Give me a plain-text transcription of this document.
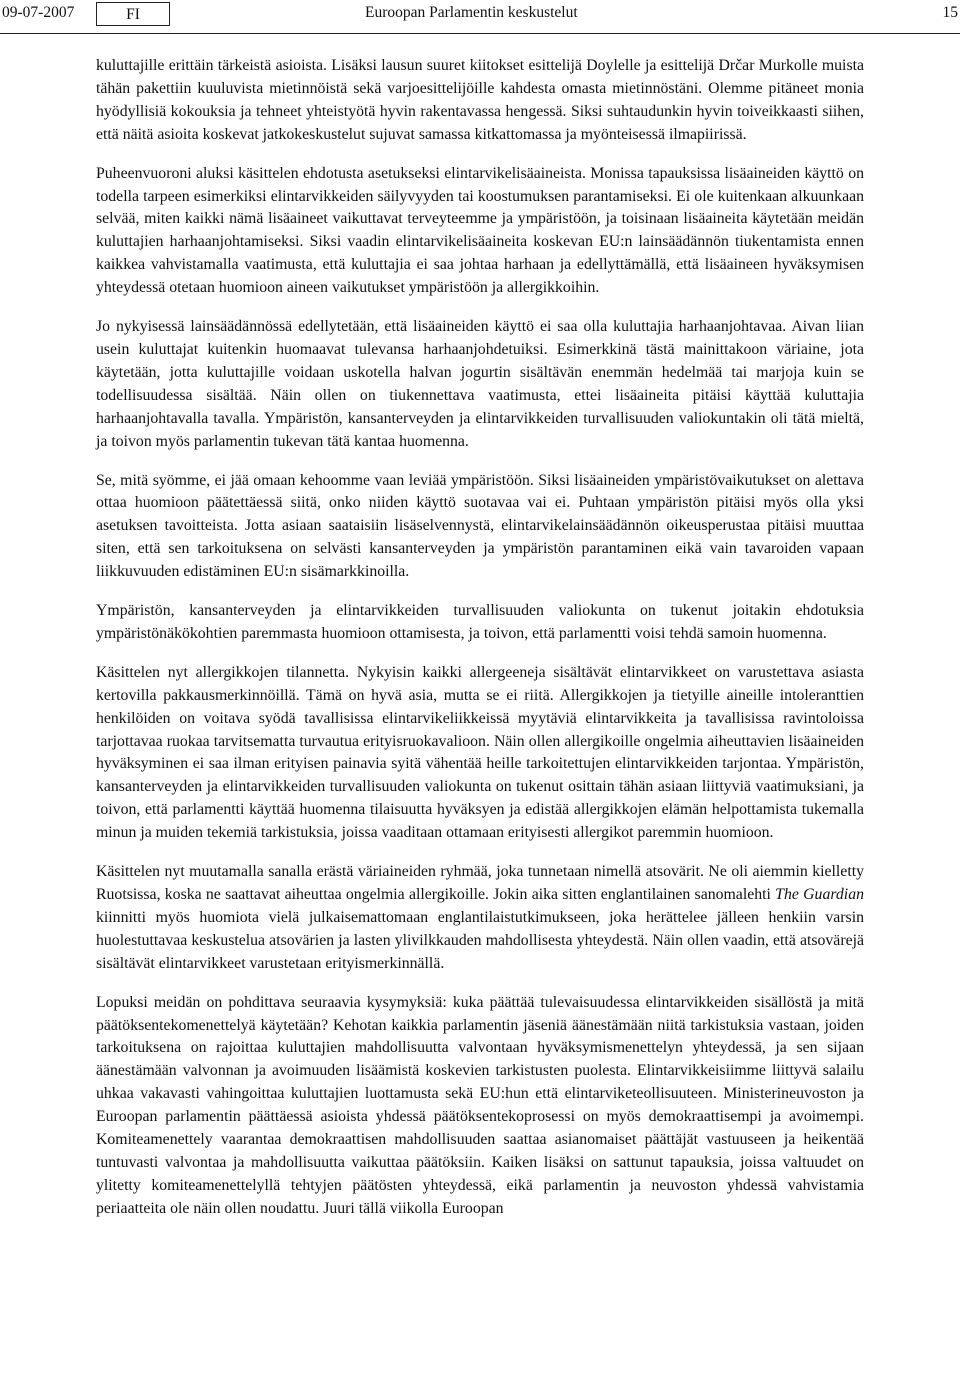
09-07-2007	FI	Euroopan Parlamentin keskustelut	15

kuluttajille erittäin tärkeistä asioista. Lisäksi lausun suuret kiitokset esittelijä Doylelle ja esittelijä Drčar Murkolle muista tähän pakettiin kuuluvista mietinnöistä sekä varjoesittelijöille kahdesta omasta mietinnöstäni. Olemme pitäneet monia hyödyllisiä kokouksia ja tehneet yhteistyötä hyvin rakentavassa hengessä. Siksi suhtaudunkin hyvin toiveikkaasti siihen, että näitä asioita koskevat jatkokeskustelut sujuvat samassa kitkattomassa ja myönteisessä ilmapiirissä.

Puheenvuoroni aluksi käsittelen ehdotusta asetukseksi elintarvikelisäaineista. Monissa tapauksissa lisäaineiden käyttö on todella tarpeen esimerkiksi elintarvikkeiden säilyvyyden tai koostumuksen parantamiseksi. Ei ole kuitenkaan alkuunkaan selvää, miten kaikki nämä lisäaineet vaikuttavat terveyteemme ja ympäristöön, ja toisinaan lisäaineita käytetään meidän kuluttajien harhaanjohtamiseksi. Siksi vaadin elintarvikelisäaineita koskevan EU:n lainsäädännön tiukentamista ennen kaikkea vahvistamalla vaatimusta, että kuluttajia ei saa johtaa harhaan ja edellyttämällä, että lisäaineen hyväksymisen yhteydessä otetaan huomioon aineen vaikutukset ympäristöön ja allergikkoihin.

Jo nykyisessä lainsäädännössä edellytetään, että lisäaineiden käyttö ei saa olla kuluttajia harhaanjohtavaa. Aivan liian usein kuluttajat kuitenkin huomaavat tulevansa harhaanjohdetuiksi. Esimerkkinä tästä mainittakoon väriaine, jota käytetään, jotta kuluttajille voidaan uskotella halvan jogurtin sisältävän enemmän hedelmää tai marjoja kuin se todellisuudessa sisältää. Näin ollen on tiukennettava vaatimusta, ettei lisäaineita pitäisi käyttää kuluttajia harhaanjohtavalla tavalla. Ympäristön, kansanterveyden ja elintarvikkeiden turvallisuuden valiokuntakin oli tätä mieltä, ja toivon myös parlamentin tukevan tätä kantaa huomenna.

Se, mitä syömme, ei jää omaan kehoomme vaan leviää ympäristöön. Siksi lisäaineiden ympäristövaikutukset on alettava ottaa huomioon päätettäessä siitä, onko niiden käyttö suotavaa vai ei. Puhtaan ympäristön pitäisi myös olla yksi asetuksen tavoitteista. Jotta asiaan saataisiin lisäselvennystä, elintarvikelainsäädännön oikeusperustaa pitäisi muuttaa siten, että sen tarkoituksena on selvästi kansanterveyden ja ympäristön parantaminen eikä vain tavaroiden vapaan liikkuvuuden edistäminen EU:n sisämarkkinoilla.

Ympäristön, kansanterveyden ja elintarvikkeiden turvallisuuden valiokunta on tukenut joitakin ehdotuksia ympäristönäkökohtien paremmasta huomioon ottamisesta, ja toivon, että parlamentti voisi tehdä samoin huomenna.

Käsittelen nyt allergikkojen tilannetta. Nykyisin kaikki allergeeneja sisältävät elintarvikkeet on varustettava asiasta kertovilla pakkausmerkinnöillä. Tämä on hyvä asia, mutta se ei riitä. Allergikkojen ja tietyille aineille intoleranttien henkilöiden on voitava syödä tavallisissa elintarvikeliikkeissä myytäviä elintarvikkeita ja tavallisissa ravintoloissa tarjottavaa ruokaa tarvitsematta turvautua erityisruokavalioon. Näin ollen allergikoille ongelmia aiheuttavien lisäaineiden hyväksyminen ei saa ilman erityisen painavia syitä vähentää heille tarkoitettujen elintarvikkeiden tarjontaa. Ympäristön, kansanterveyden ja elintarvikkeiden turvallisuuden valiokunta on tukenut osittain tähän asiaan liittyviä vaatimuksiani, ja toivon, että parlamentti käyttää huomenna tilaisuutta hyväksyen ja edistää allergikkojen elämän helpottamista tukemalla minun ja muiden tekemiä tarkistuksia, joissa vaaditaan ottamaan erityisesti allergikot paremmin huomioon.

Käsittelen nyt muutamalla sanalla erästä väriaineiden ryhmää, joka tunnetaan nimellä atsovärit. Ne oli aiemmin kielletty Ruotsissa, koska ne saattavat aiheuttaa ongelmia allergikoille. Jokin aika sitten englantilainen sanomalehti The Guardian kiinnitti myös huomiota vielä julkaisemattomaan englantilaistutkimukseen, joka herättelee jälleen henkiin varsin huolestuttavaa keskustelua atsovärien ja lasten ylivilkkauden mahdollisesta yhteydestä. Näin ollen vaadin, että atsovärejä sisältävät elintarvikkeet varustetaan erityismerkinnällä.

Lopuksi meidän on pohdittava seuraavia kysymyksiä: kuka päättää tulevaisuudessa elintarvikkeiden sisällöstä ja mitä päätöksentekomenettelyä käytetään? Kehotan kaikkia parlamentin jäseniä äänestämään niitä tarkistuksia vastaan, joiden tarkoituksena on rajoittaa kuluttajien mahdollisuutta valvontaan hyväksymismenettelyn yhteydessä, ja sen sijaan äänestämään valvonnan ja avoimuuden lisäämistä koskevien tarkistusten puolesta. Elintarvikkeisiimme liittyvä salailu uhkaa vakavasti vahingoittaa kuluttajien luottamusta sekä EU:hun että elintarviketeollisuuteen. Ministerineuvoston ja Euroopan parlamentin päättäessä asioista yhdessä päätöksentekoprosessi on myös demokraattisempi ja avoimempi. Komiteamenettely vaarantaa demokraattisen mahdollisuuden saattaa asianomaiset päättäjät vastuuseen ja heikentää tuntuvasti valvontaa ja mahdollisuutta vaikuttaa päätöksiin. Kaiken lisäksi on sattunut tapauksia, joissa valtuudet on ylitetty komiteamenettelyllä tehtyjen päätösten yhteydessä, eikä parlamentin ja neuvoston yhdessä vahvistamia periaatteita ole näin ollen noudattu. Juuri tällä viikolla Euroopan
